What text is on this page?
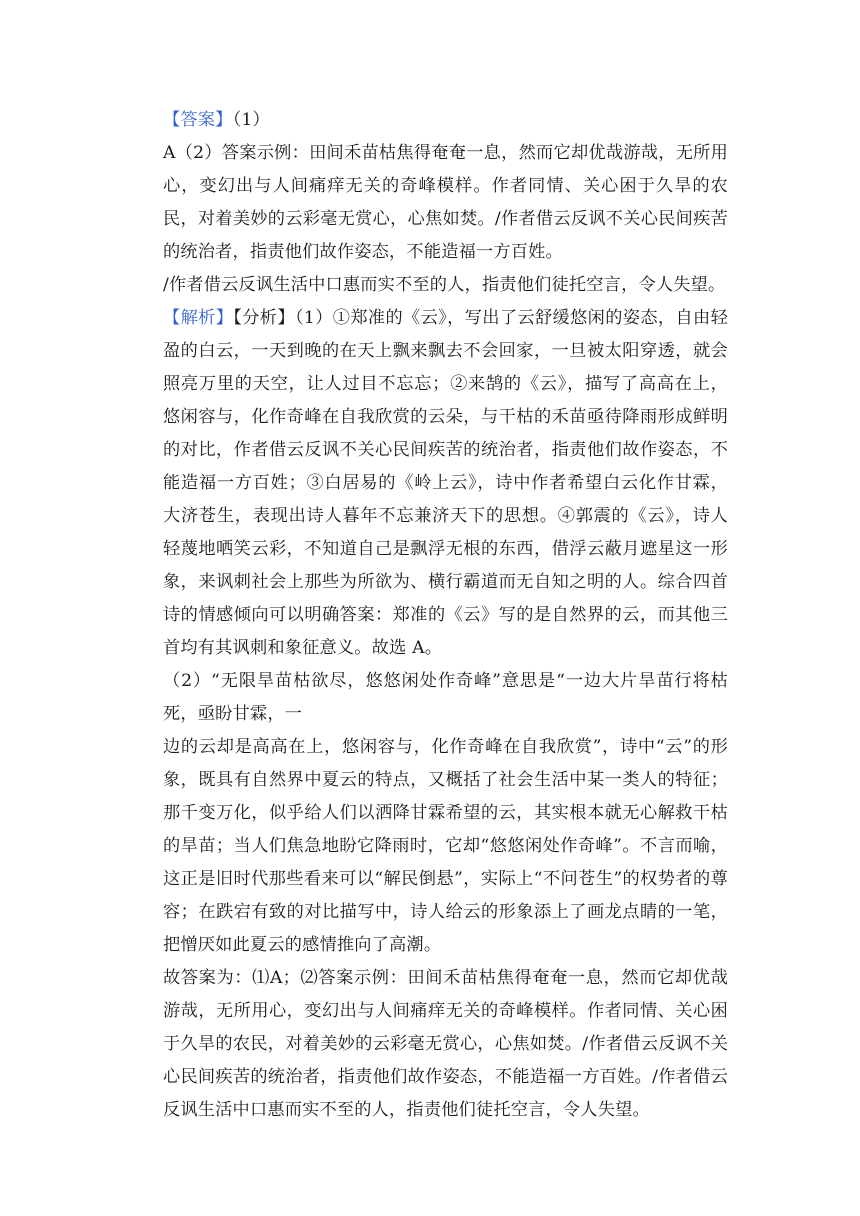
【答案】（1）

A（2）答案示例：田间禾苗枯焦得奄奄一息，然而它却优哉游哉，无所用心，变幻出与人间痛痒无关的奇峰模样。作者同情、关心困于久旱的农民，对着美妙的云彩毫无赏心，心焦如焚。/作者借云反讽不关心民间疾苦的统治者，指责他们故作姿态，不能造福一方百姓。

/作者借云反讽生活中口惠而实不至的人，指责他们徒托空言，令人失望。

【解析】【分析】（1）①郑准的《云》，写出了云舒缓悠闲的姿态，自由轻盈的白云，一天到晚的在天上飘来飘去不会回家，一旦被太阳穿透，就会照亮万里的天空，让人过目不忘忘；②来鹄的《云》，描写了高高在上，悠闲容与，化作奇峰在自我欣赏的云朵，与干枯的禾苗亟待降雨形成鲜明的对比，作者借云反讽不关心民间疾苦的统治者，指责他们故作姿态，不能造福一方百姓；③白居易的《岭上云》，诗中作者希望白云化作甘霖，大济苍生，表现出诗人暮年不忘兼济天下的思想。④郭震的《云》，诗人轻蔑地哂笑云彩，不知道自己是飘浮无根的东西，借浮云蔽月遮星这一形象，来讽刺社会上那些为所欲为、横行霸道而无自知之明的人。综合四首诗的情感倾向可以明确答案：郑准的《云》写的是自然界的云，而其他三首均有其讽刺和象征意义。故选 A。

（2）“无限旱苗枯欲尽，悠悠闲处作奇峰”意思是“一边大片旱苗行将枯死，亟盼甘霖，一

边的云却是高高在上，悠闲容与，化作奇峰在自我欣赏”，诗中“云”的形象，既具有自然界中夏云的特点，又概括了社会生活中某一类人的特征；那千变万化，似乎给人们以洒降甘霖希望的云，其实根本就无心解救干枯的旱苗；当人们焦急地盼它降雨时，它却“悠悠闲处作奇峰”。不言而喻，这正是旧时代那些看来可以“解民倒悬”，实际上“不问苍生”的权势者的尊容；在跌宕有致的对比描写中，诗人给云的形象添上了画龙点睛的一笔，把憎厌如此夏云的感情推向了高潮。

故答案为：⑴A；⑵答案示例：田间禾苗枯焦得奄奄一息，然而它却优哉游哉，无所用心，变幻出与人间痛痒无关的奇峰模样。作者同情、关心困于久旱的农民，对着美妙的云彩毫无赏心，心焦如焚。/作者借云反讽不关心民间疾苦的统治者，指责他们故作姿态，不能造福一方百姓。/作者借云反讽生活中口惠而实不至的人，指责他们徒托空言，令人失望。
